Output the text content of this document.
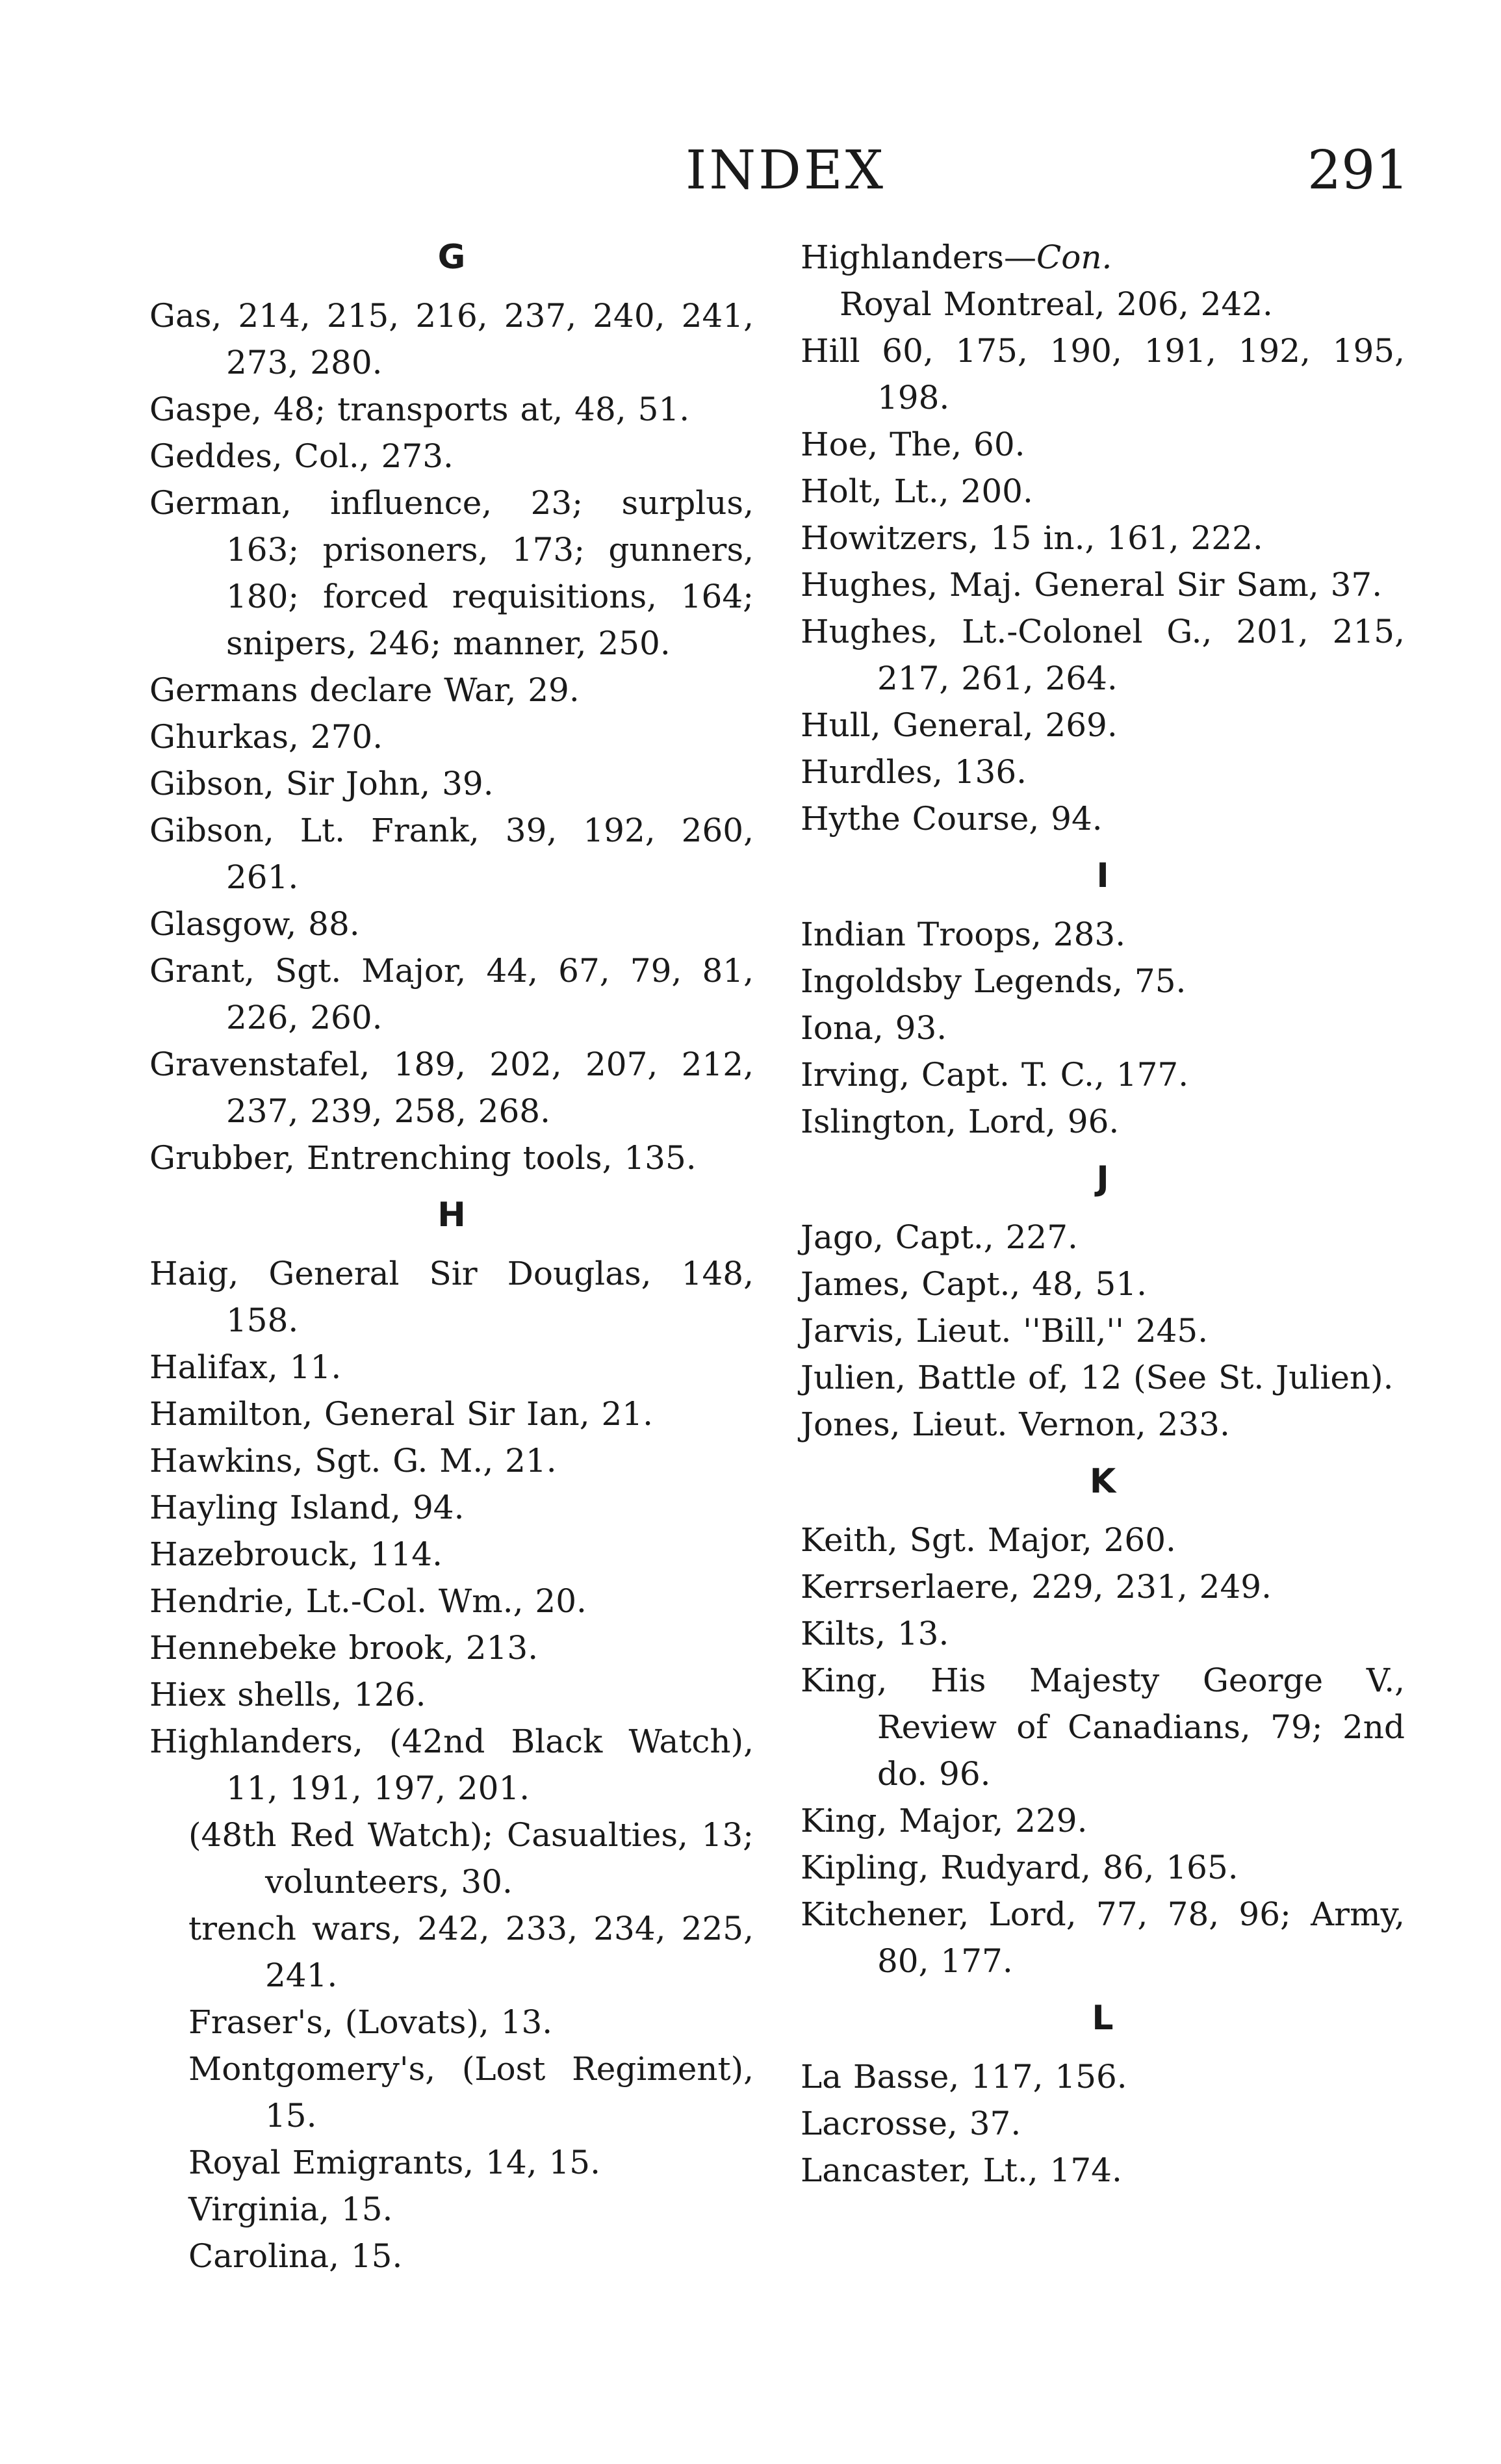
INDEX	291
G

Gas, 214, 215, 216, 237, 240, 241, 273, 280.

Gaspe, 48; transports at, 48, 51.

Geddes, Col., 273.

German, influence, 23; surplus, 163; prisoners, 173; gunners, 180; forced requisitions, 164; snipers, 246; manner, 250.

Germans declare War, 29.

Ghurkas, 270.

Gibson, Sir John, 39.

Gibson, Lt. Frank, 39, 192, 260, 261.

Glasgow, 88.

Grant, Sgt. Major, 44, 67, 79, 81, 226, 260.

Gravenstafel, 189, 202, 207, 212, 237, 239, 258, 268.

Grubber, Entrenching tools, 135.

H

Haig, General Sir Douglas, 148, 158.

Halifax, 11.

Hamilton, General Sir Ian, 21.

Hawkins, Sgt. G. M., 21.

Hayling Island, 94.

Hazebrouck, 114.

Hendrie, Lt.-Col. Wm., 20.

Hennebeke brook, 213.

Hiex shells, 126.

Highlanders, (42nd Black Watch), 11, 191, 197, 201.

(48th Red Watch); Casualties, 13; volunteers, 30.

trench wars, 242, 233, 234, 225, 241.

Fraser's, (Lovats), 13.

Montgomery's, (Lost Regiment), 15.

Royal Emigrants, 14, 15.

Virginia, 15.

Carolina, 15.

Highlanders—Con.

Royal Montreal, 206, 242.

Hill 60, 175, 190, 191, 192, 195, 198.

Hoe, The, 60.

Holt, Lt., 200.

Howitzers, 15 in., 161, 222.

Hughes, Maj. General Sir Sam, 37.

Hughes, Lt.-Colonel G., 201, 215, 217, 261, 264.

Hull, General, 269.

Hurdles, 136.

Hythe Course, 94.

I

Indian Troops, 283.

Ingoldsby Legends, 75.

Iona, 93.

Irving, Capt. T. C., 177.

Islington, Lord, 96.

J

Jago, Capt., 227.

James, Capt., 48, 51.

Jarvis, Lieut. ''Bill,'' 245.

Julien, Battle of, 12 (See St. Julien).

Jones, Lieut. Vernon, 233.

K

Keith, Sgt. Major, 260.

Kerrserlaere, 229, 231, 249.

Kilts, 13.

King, His Majesty George V., Review of Canadians, 79; 2nd do. 96.

King, Major, 229.

Kipling, Rudyard, 86, 165.

Kitchener, Lord, 77, 78, 96; Army, 80, 177.

L

La Basse, 117, 156.

Lacrosse, 37.

Lancaster, Lt., 174.
